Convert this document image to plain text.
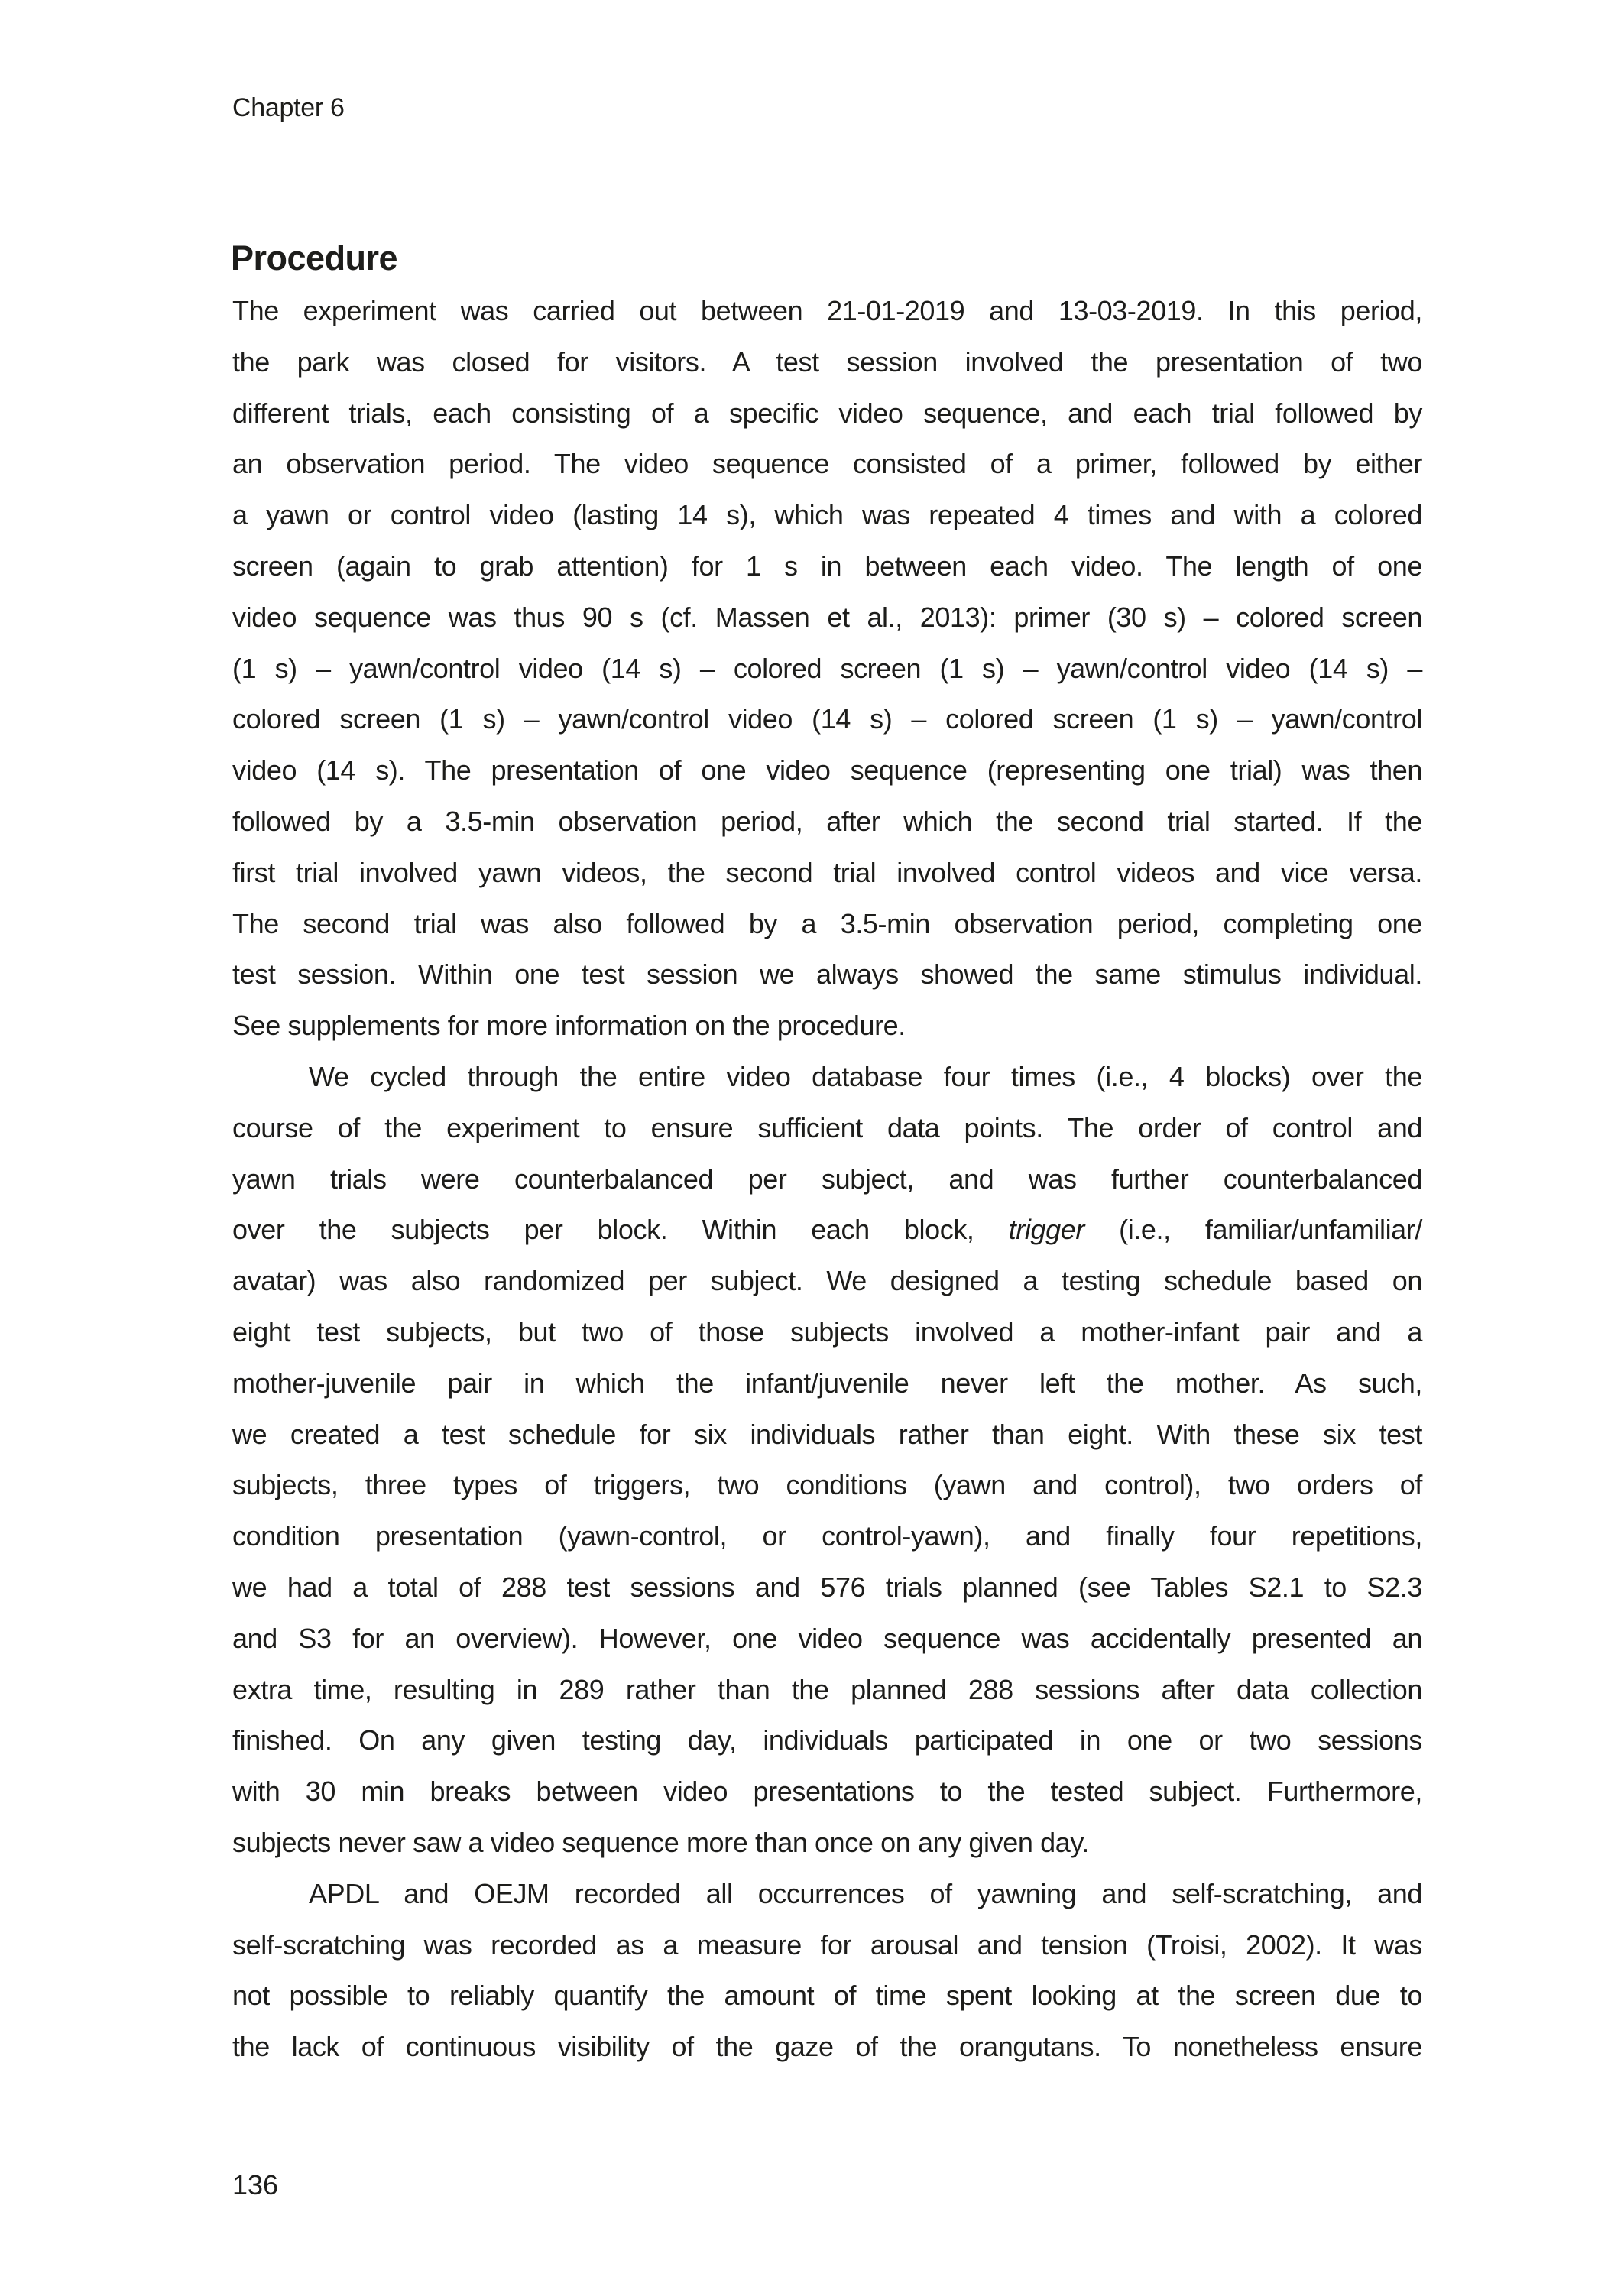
Chapter 6
Procedure
The experiment was carried out between 21-01-2019 and 13-03-2019. In this period,
the park was closed for visitors. A test session involved the presentation of two
different trials, each consisting of a specific video sequence, and each trial followed by
an observation period. The video sequence consisted of a primer, followed by either
a yawn or control video (lasting 14 s), which was repeated 4 times and with a colored
screen (again to grab attention) for 1 s in between each video. The length of one
video sequence was thus 90 s (cf. Massen et al., 2013): primer (30 s) – colored screen
(1 s) – yawn/control video (14 s) – colored screen (1 s) – yawn/control video (14 s) –
colored screen (1 s) – yawn/control video (14 s) – colored screen (1 s) – yawn/control
video (14 s). The presentation of one video sequence (representing one trial) was then
followed by a 3.5-min observation period, after which the second trial started. If the
first trial involved yawn videos, the second trial involved control videos and vice versa.
The second trial was also followed by a 3.5-min observation period, completing one
test session. Within one test session we always showed the same stimulus individual.
See supplements for more information on the procedure.
We cycled through the entire video database four times (i.e., 4 blocks) over the
course of the experiment to ensure sufficient data points. The order of control and
yawn trials were counterbalanced per subject, and was further counterbalanced
over the subjects per block. Within each block, trigger (i.e., familiar/unfamiliar/
avatar) was also randomized per subject. We designed a testing schedule based on
eight test subjects, but two of those subjects involved a mother-infant pair and a
mother-juvenile pair in which the infant/juvenile never left the mother. As such,
we created a test schedule for six individuals rather than eight. With these six test
subjects, three types of triggers, two conditions (yawn and control), two orders of
condition presentation (yawn-control, or control-yawn), and finally four repetitions,
we had a total of 288 test sessions and 576 trials planned (see Tables S2.1 to S2.3
and S3 for an overview). However, one video sequence was accidentally presented an
extra time, resulting in 289 rather than the planned 288 sessions after data collection
finished. On any given testing day, individuals participated in one or two sessions
with 30 min breaks between video presentations to the tested subject. Furthermore,
subjects never saw a video sequence more than once on any given day.
APDL and OEJM recorded all occurrences of yawning and self-scratching, and
self-scratching was recorded as a measure for arousal and tension (Troisi, 2002). It was
not possible to reliably quantify the amount of time spent looking at the screen due to
the lack of continuous visibility of the gaze of the orangutans. To nonetheless ensure
136
